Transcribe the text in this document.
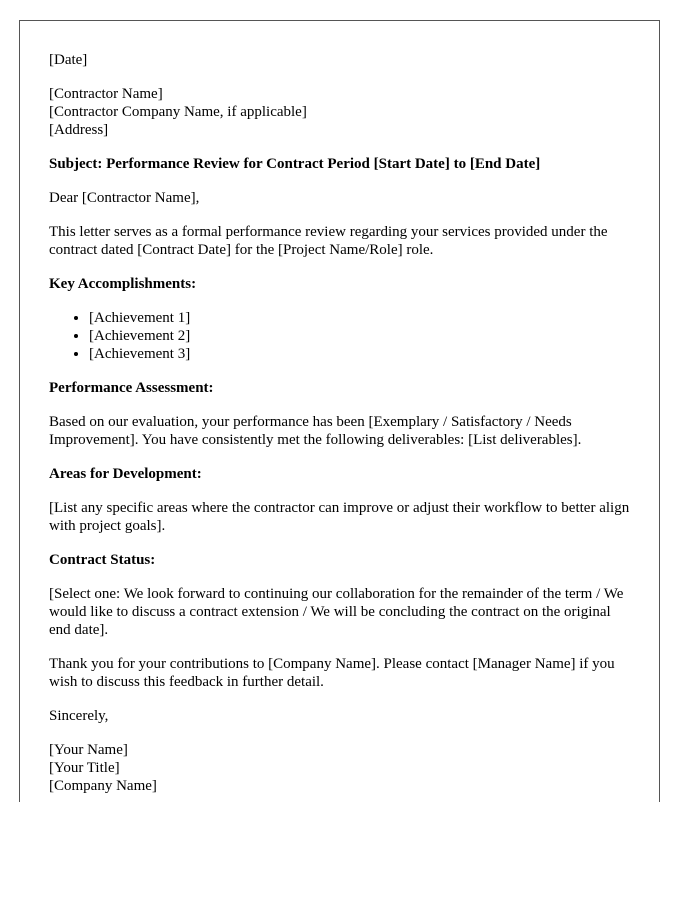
[Date]
[Contractor Name]
[Contractor Company Name, if applicable]
[Address]
Subject: Performance Review for Contract Period [Start Date] to [End Date]
Dear [Contractor Name],
This letter serves as a formal performance review regarding your services provided under the contract dated [Contract Date] for the [Project Name/Role] role.
Key Accomplishments:
• [Achievement 1]
• [Achievement 2]
• [Achievement 3]
Performance Assessment:
Based on our evaluation, your performance has been [Exemplary / Satisfactory / Needs Improvement]. You have consistently met the following deliverables: [List deliverables].
Areas for Development:
[List any specific areas where the contractor can improve or adjust their workflow to better align with project goals].
Contract Status:
[Select one: We look forward to continuing our collaboration for the remainder of the term / We would like to discuss a contract extension / We will be concluding the contract on the original end date].
Thank you for your contributions to [Company Name]. Please contact [Manager Name] if you wish to discuss this feedback in further detail.
Sincerely,
[Your Name]
[Your Title]
[Company Name]
